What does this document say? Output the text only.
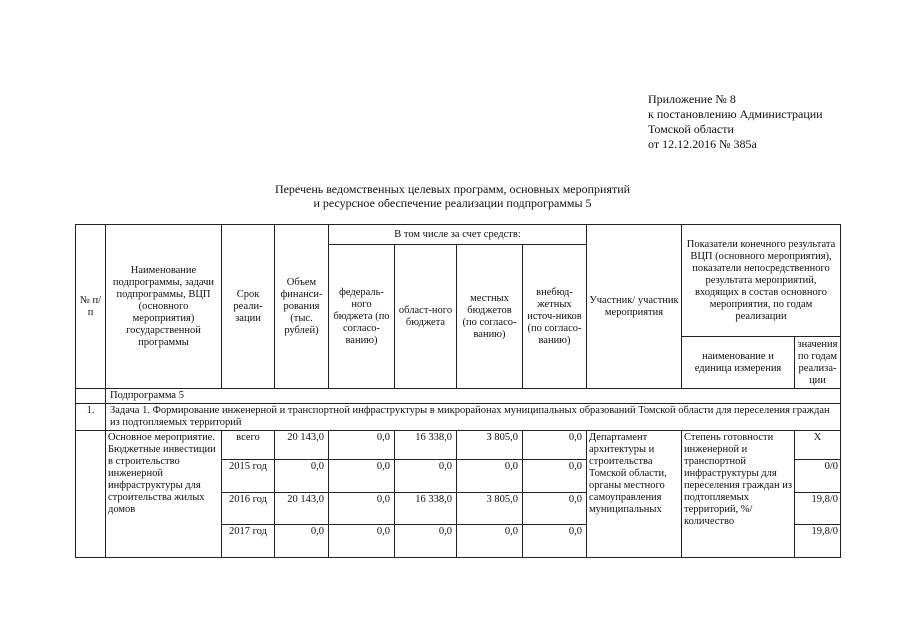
Приложение № 8
к постановлению Администрации
Томской области
от 12.12.2016 № 385а
Перечень ведомственных целевых программ, основных мероприятий
и ресурсное обеспечение реализации подпрограммы 5
№ п/п	Наименование подпрограммы, задачи подпрограммы, ВЦП (основного мероприятия) государственной программы	Срок реали-зации	Объем финанси-рования (тыс. рублей)	В том числе за счет средств:				Участник/ участник мероприятия	Показатели конечного результата ВЦП (основного мероприятия), показатели непосредственного результата мероприятий, входящих в состав основного мероприятия, по годам реализации	
				федераль-ного бюджета (по согласо-ванию)	област-ного бюджета	местных бюджетов (по согласо-ванию)	внебюд-жетных источ-ников (по согласо-ванию)			
									наименование и единица измерения	значения по годам реализа-ции
	Подпрограмма 5									
1.	Задача 1. Формирование инженерной и транспортной инфраструктуры в микрорайонах муниципальных образований Томской области для переселения граждан из подтопляемых территорий									
	Основное мероприятие. Бюджетные инвестиции в строительство инженерной инфраструктуры для строительства жилых домов	всего	20 143,0	0,0	16 338,0	3 805,0	0,0	Департамент архитектуры и строительства Томской области, органы местного самоуправления муниципальных	Степень готовности инженерной и транспортной инфраструктуры для переселения граждан из подтопляемых территорий, %/ количество	Х
		2015 год	0,0	0,0	0,0	0,0	0,0			0/0
		2016 год	20 143,0	0,0	16 338,0	3 805,0	0,0			19,8/0
		2017 год	0,0	0,0	0,0	0,0	0,0			19,8/0
